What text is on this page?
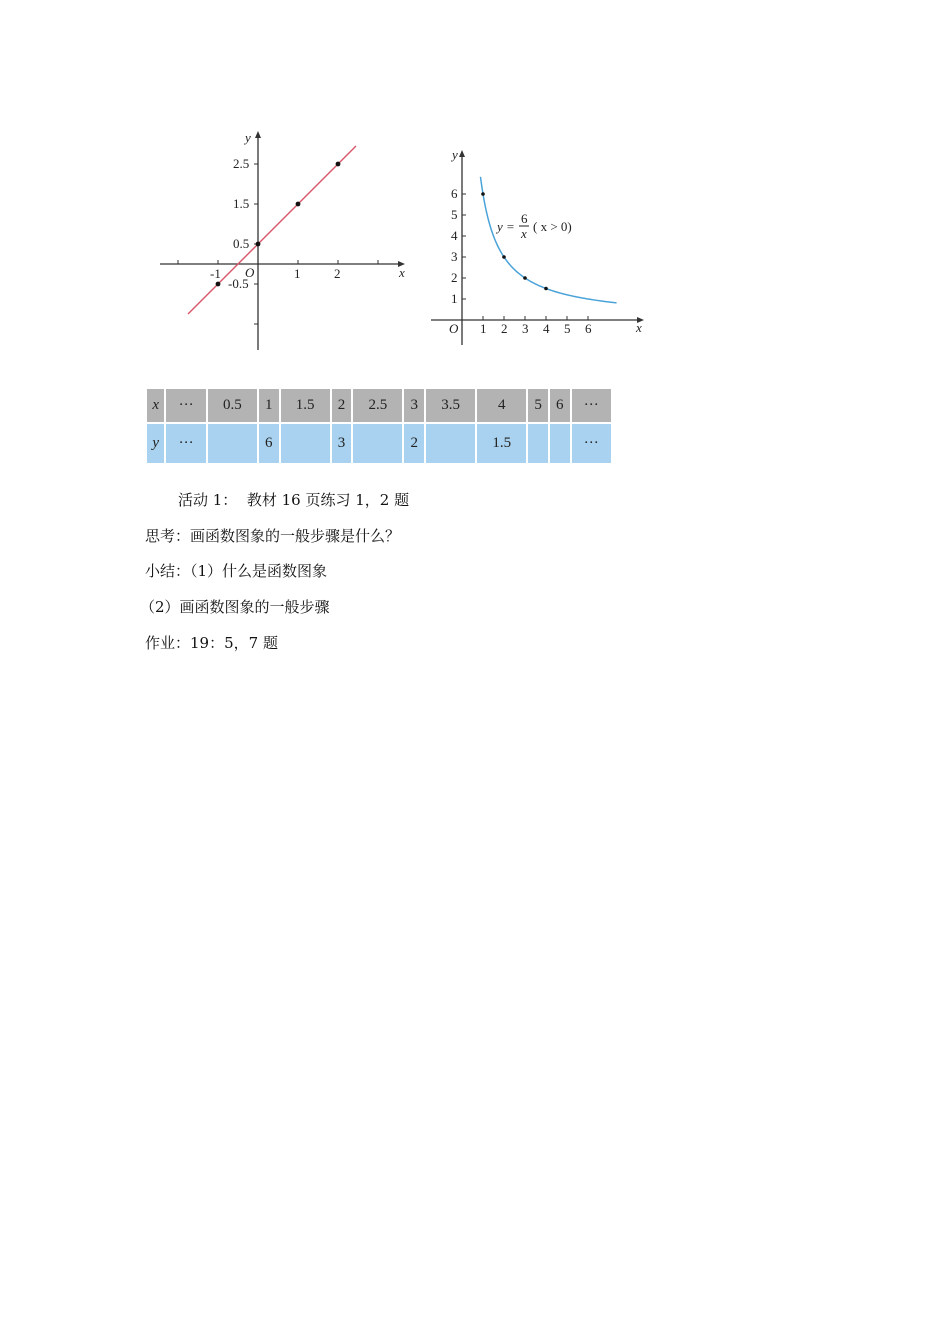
x
y
O
-1	1	2
2.5
1.5
0.5
-0.5
x
y
O 1 2 3 4 5 6
6
5
4
3
2
1
y =
6
x ( x > 0)
x	···	0.5	1	1.5	2	2.5	3	3.5	4	5	6	···
y	···		6		3		2		1.5			···
活动 1：  教材 16 页练习 1，2 题
思考：画函数图象的一般步骤是什么？
小结：（1）什么是函数图象
（2）画函数图象的一般步骤
作业：19：5，7 题
